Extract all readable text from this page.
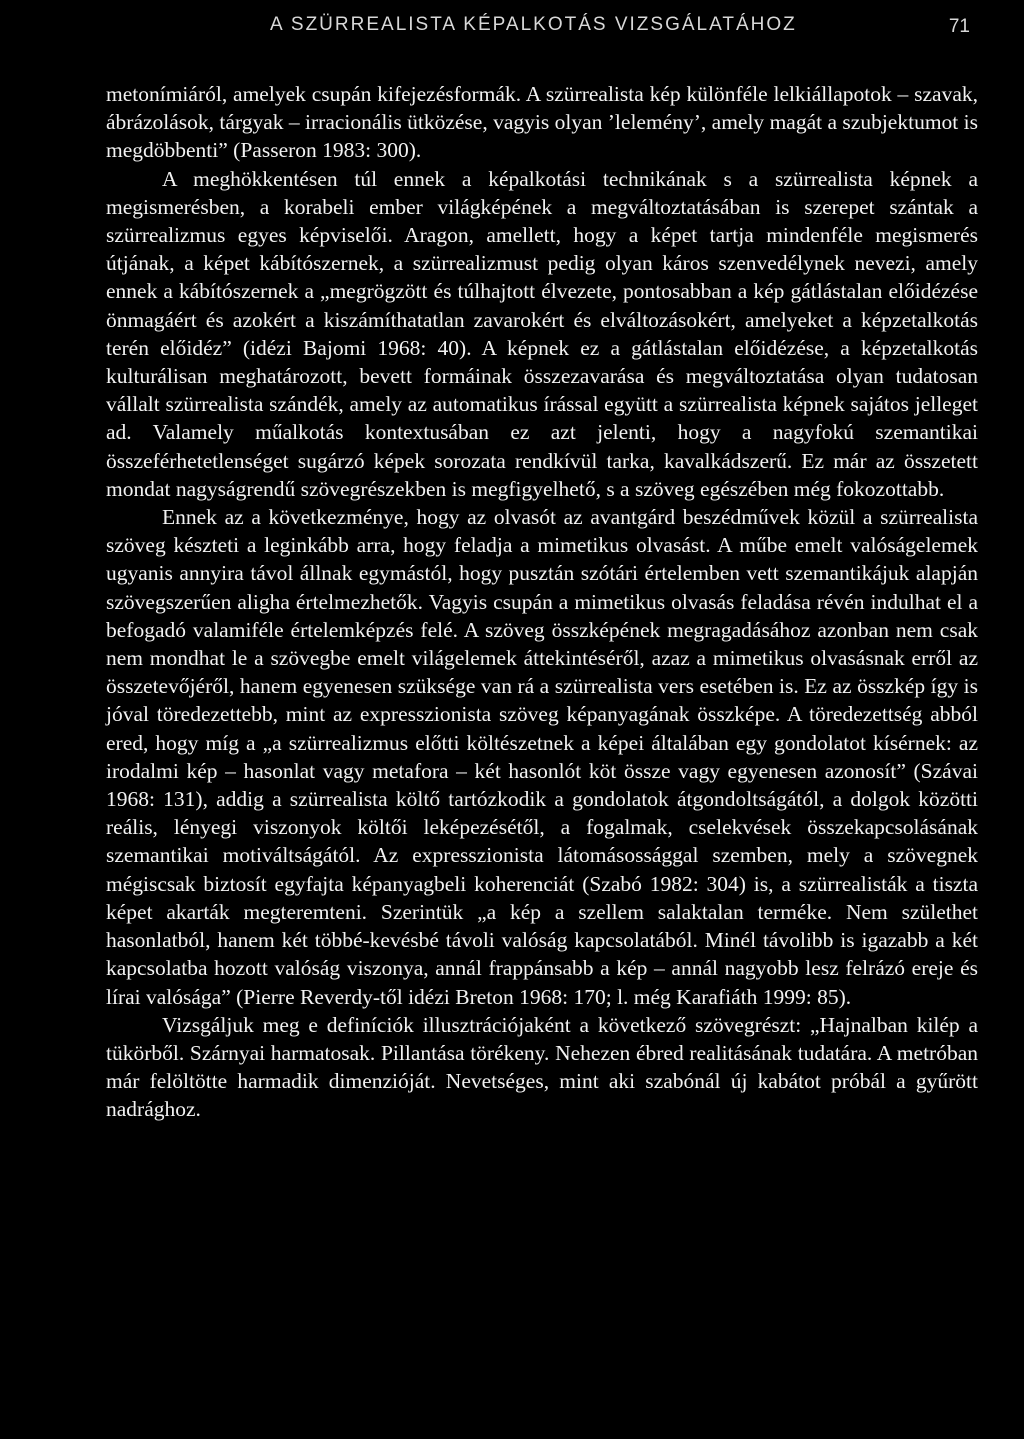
A SZÜRREALISTA KÉPALKOTÁS VIZSGÁLATÁHOZ	71

metonímiáról, amelyek csupán kifejezésformák. A szürrealista kép különféle lelkiállapotok – szavak, ábrázolások, tárgyak – irracionális ütközése, vagyis olyan ’lelemény’, amely magát a szubjektumot is megdöbbenti” (Passeron 1983: 300).

A meghökkentésen túl ennek a képalkotási technikának s a szürrealista képnek a megismerésben, a korabeli ember világképének a megváltoztatásában is szerepet szántak a szürrealizmus egyes képviselői. Aragon, amellett, hogy a képet tartja mindenféle megismerés útjának, a képet kábítószernek, a szürrealizmust pedig olyan káros szenvedélynek nevezi, amely ennek a kábítószernek a „megrögzött és túlhajtott élvezete, pontosabban a kép gátlástalan előidézése önmagáért és azokért a kiszámíthatatlan zavarokért és elváltozásokért, amelyeket a képzetalkotás terén előidéz” (idézi Bajomi 1968: 40). A képnek ez a gátlástalan előidézése, a képzetalkotás kulturálisan meghatározott, bevett formáinak összezavarása és megváltoztatása olyan tudatosan vállalt szürrealista szándék, amely az automatikus írással együtt a szürrealista képnek sajátos jelleget ad. Valamely műalkotás kontextusában ez azt jelenti, hogy a nagyfokú szemantikai összeférhetetlenséget sugárzó képek sorozata rendkívül tarka, kavalkádszerű. Ez már az összetett mondat nagyságrendű szövegrészekben is megfigyelhető, s a szöveg egészében még fokozottabb.

Ennek az a következménye, hogy az olvasót az avantgárd beszédművek közül a szürrealista szöveg készteti a leginkább arra, hogy feladja a mimetikus olvasást. A műbe emelt valóságelemek ugyanis annyira távol állnak egymástól, hogy pusztán szótári értelemben vett szemantikájuk alapján szövegszerűen aligha értelmezhetők. Vagyis csupán a mimetikus olvasás feladása révén indulhat el a befogadó valamiféle értelemképzés felé. A szöveg összképének megragadásához azonban nem csak nem mondhat le a szövegbe emelt világelemek áttekintéséről, azaz a mimetikus olvasásnak erről az összetevőjéről, hanem egyenesen szüksége van rá a szürrealista vers esetében is. Ez az összkép így is jóval töredezettebb, mint az expresszionista szöveg képanyagának összképe. A töredezettség abból ered, hogy míg a „a szürrealizmus előtti költészetnek a képei általában egy gondolatot kísérnek: az irodalmi kép – hasonlat vagy metafora – két hasonlót köt össze vagy egyenesen azonosít” (Szávai 1968: 131), addig a szürrealista költő tartózkodik a gondolatok átgondoltságától, a dolgok közötti reális, lényegi viszonyok költői leképezésétől, a fogalmak, cselekvések összekapcsolásának szemantikai motiváltságától. Az expresszionista látomásossággal szemben, mely a szövegnek mégiscsak biztosít egyfajta képanyagbeli koherenciát (Szabó 1982: 304) is, a szürrealisták a tiszta képet akarták megteremteni. Szerintük „a kép a szellem salaktalan terméke. Nem születhet hasonlatból, hanem két többé-kevésbé távoli valóság kapcsolatából. Minél távolibb is igazabb a két kapcsolatba hozott valóság viszonya, annál frappánsabb a kép – annál nagyobb lesz felrázó ereje és lírai valósága” (Pierre Reverdy-től idézi Breton 1968: 170; l. még Karafiáth 1999: 85).

Vizsgáljuk meg e definíciók illusztrációjaként a következő szövegrészt: „Hajnalban kilép a tükörből. Szárnyai harmatosak. Pillantása törékeny. Nehezen ébred realitásának tudatára. A metróban már felöltötte harmadik dimenzióját. Nevetséges, mint aki szabónál új kabátot próbál a gyűrött nadrághoz.
